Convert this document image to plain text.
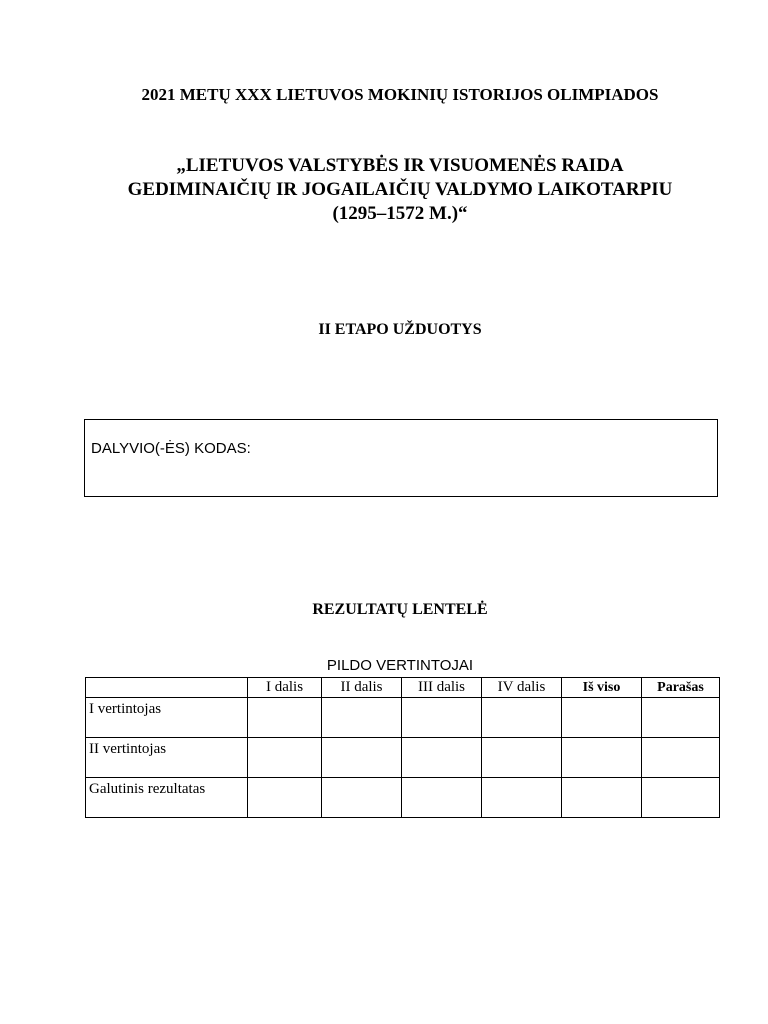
2021 METŲ XXX LIETUVOS MOKINIŲ ISTORIJOS OLIMPIADOS
„LIETUVOS VALSTYBĖS IR VISUOMENĖS RAIDA
GEDIMINAIČIŲ IR JOGAILAIČIŲ VALDYMO LAIKOTARPIU
(1295–1572 M.)“
II ETAPO UŽDUOTYS
DALYVIO(-ĖS) KODAS:
REZULTATŲ LENTELĖ
PILDO VERTINTOJAI
	I dalis	II dalis	III dalis	IV dalis	Iš viso	Parašas
I vertintojas						
II vertintojas						
Galutinis rezultatas						
